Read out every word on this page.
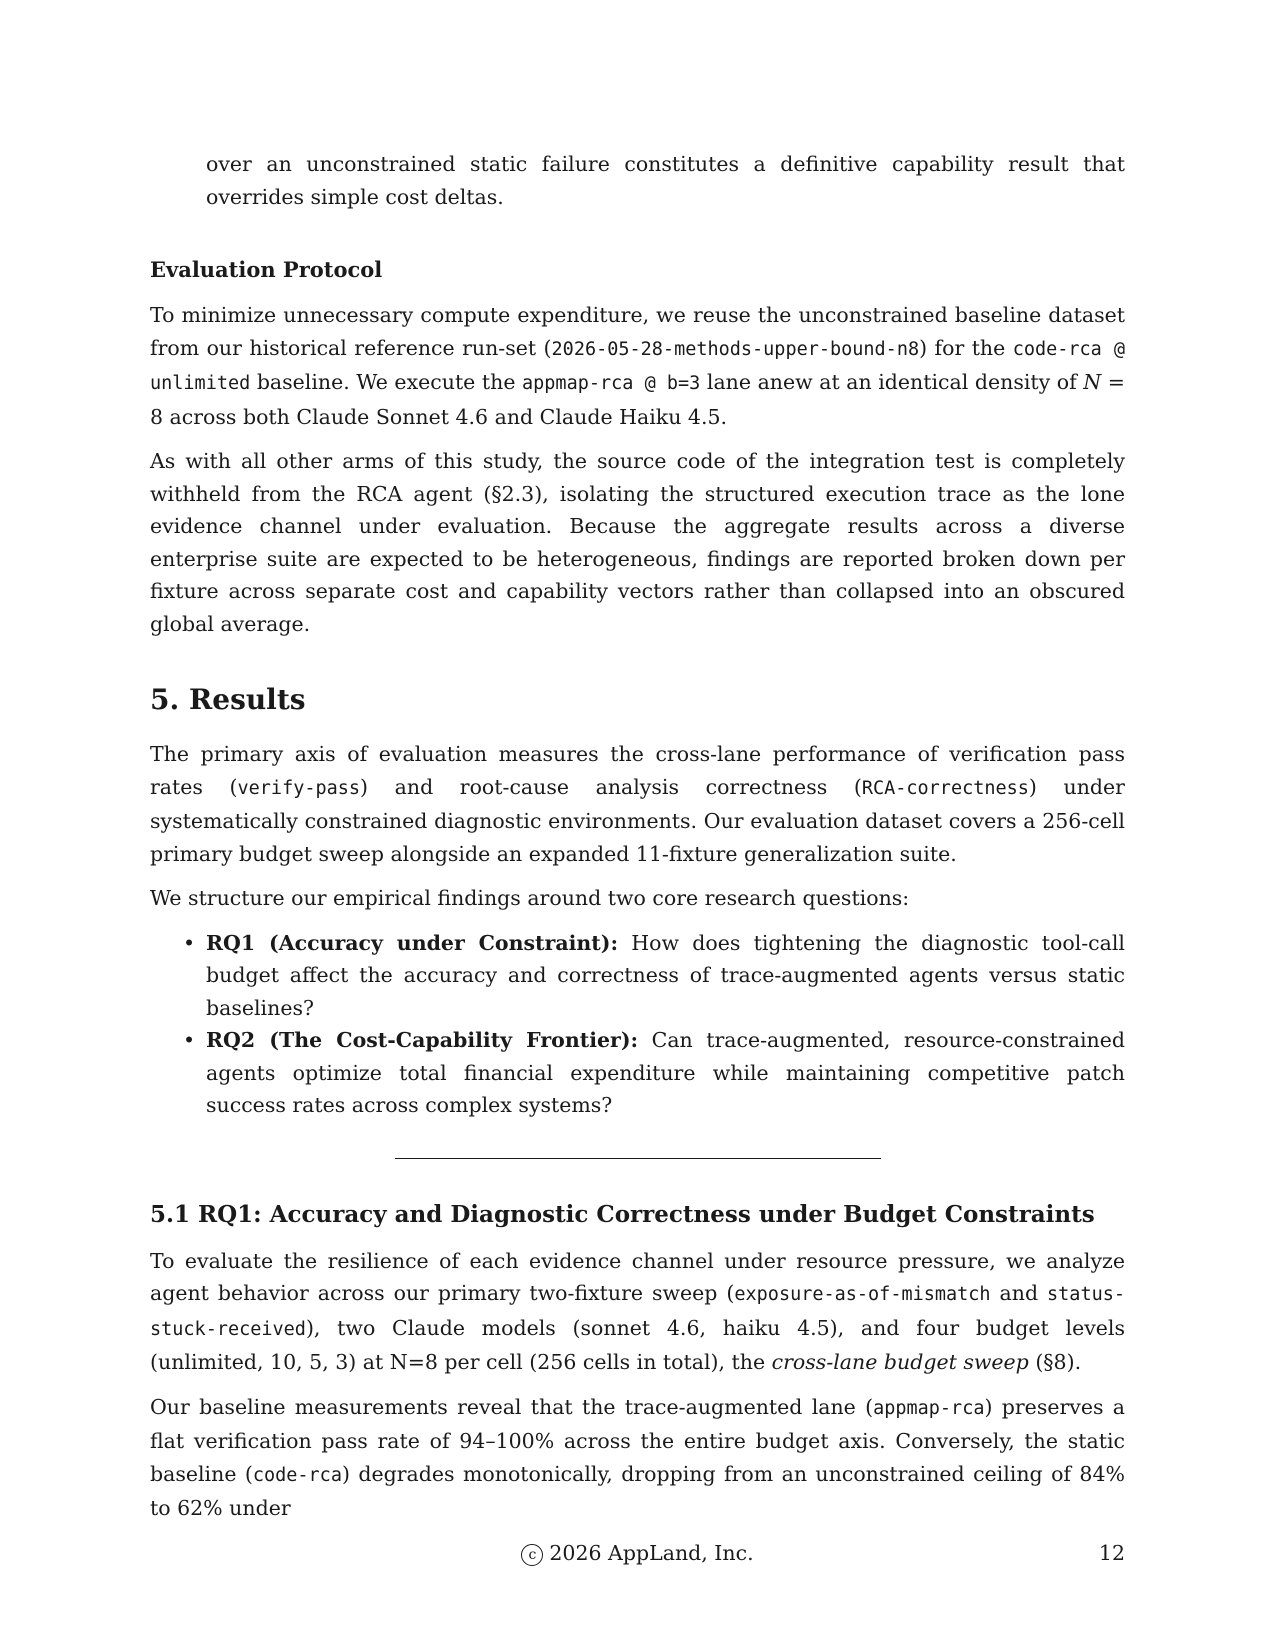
over an unconstrained static failure constitutes a definitive capability result that overrides simple cost deltas.

Evaluation Protocol

To minimize unnecessary compute expenditure, we reuse the unconstrained baseline dataset from our historical reference run-set (2026-05-28-methods-upper-bound-n8) for the code-rca @ unlimited baseline. We execute the appmap-rca @ b=3 lane anew at an identical density of N = 8 across both Claude Sonnet 4.6 and Claude Haiku 4.5.

As with all other arms of this study, the source code of the integration test is completely withheld from the RCA agent (§2.3), isolating the structured execution trace as the lone evidence channel under evaluation. Because the aggregate results across a diverse enterprise suite are expected to be heterogeneous, findings are reported broken down per fixture across separate cost and capability vectors rather than collapsed into an obscured global average.

5. Results

The primary axis of evaluation measures the cross-lane performance of verification pass rates (verify-pass) and root-cause analysis correctness (RCA-correctness) under systematically constrained diagnostic environments. Our evaluation dataset covers a 256-cell primary budget sweep alongside an expanded 11-fixture generalization suite.

We structure our empirical findings around two core research questions:

• RQ1 (Accuracy under Constraint): How does tightening the diagnostic tool-call budget affect the accuracy and correctness of trace-augmented agents versus static baselines?
• RQ2 (The Cost-Capability Frontier): Can trace-augmented, resource-constrained agents optimize total financial expenditure while maintaining competitive patch success rates across complex systems?
5.1 RQ1: Accuracy and Diagnostic Correctness under Budget Constraints

To evaluate the resilience of each evidence channel under resource pressure, we analyze agent behavior across our primary two-fixture sweep (exposure-as-of-mismatch and status-stuck-received), two Claude models (sonnet 4.6, haiku 4.5), and four budget levels (unlimited, 10, 5, 3) at N=8 per cell (256 cells in total), the cross-lane budget sweep (§8).

Our baseline measurements reveal that the trace-augmented lane (appmap-rca) preserves a flat verification pass rate of 94–100% across the entire budget axis. Conversely, the static baseline (code-rca) degrades monotonically, dropping from an unconstrained ceiling of 84% to 62% under

c 2026 AppLand, Inc.	12
